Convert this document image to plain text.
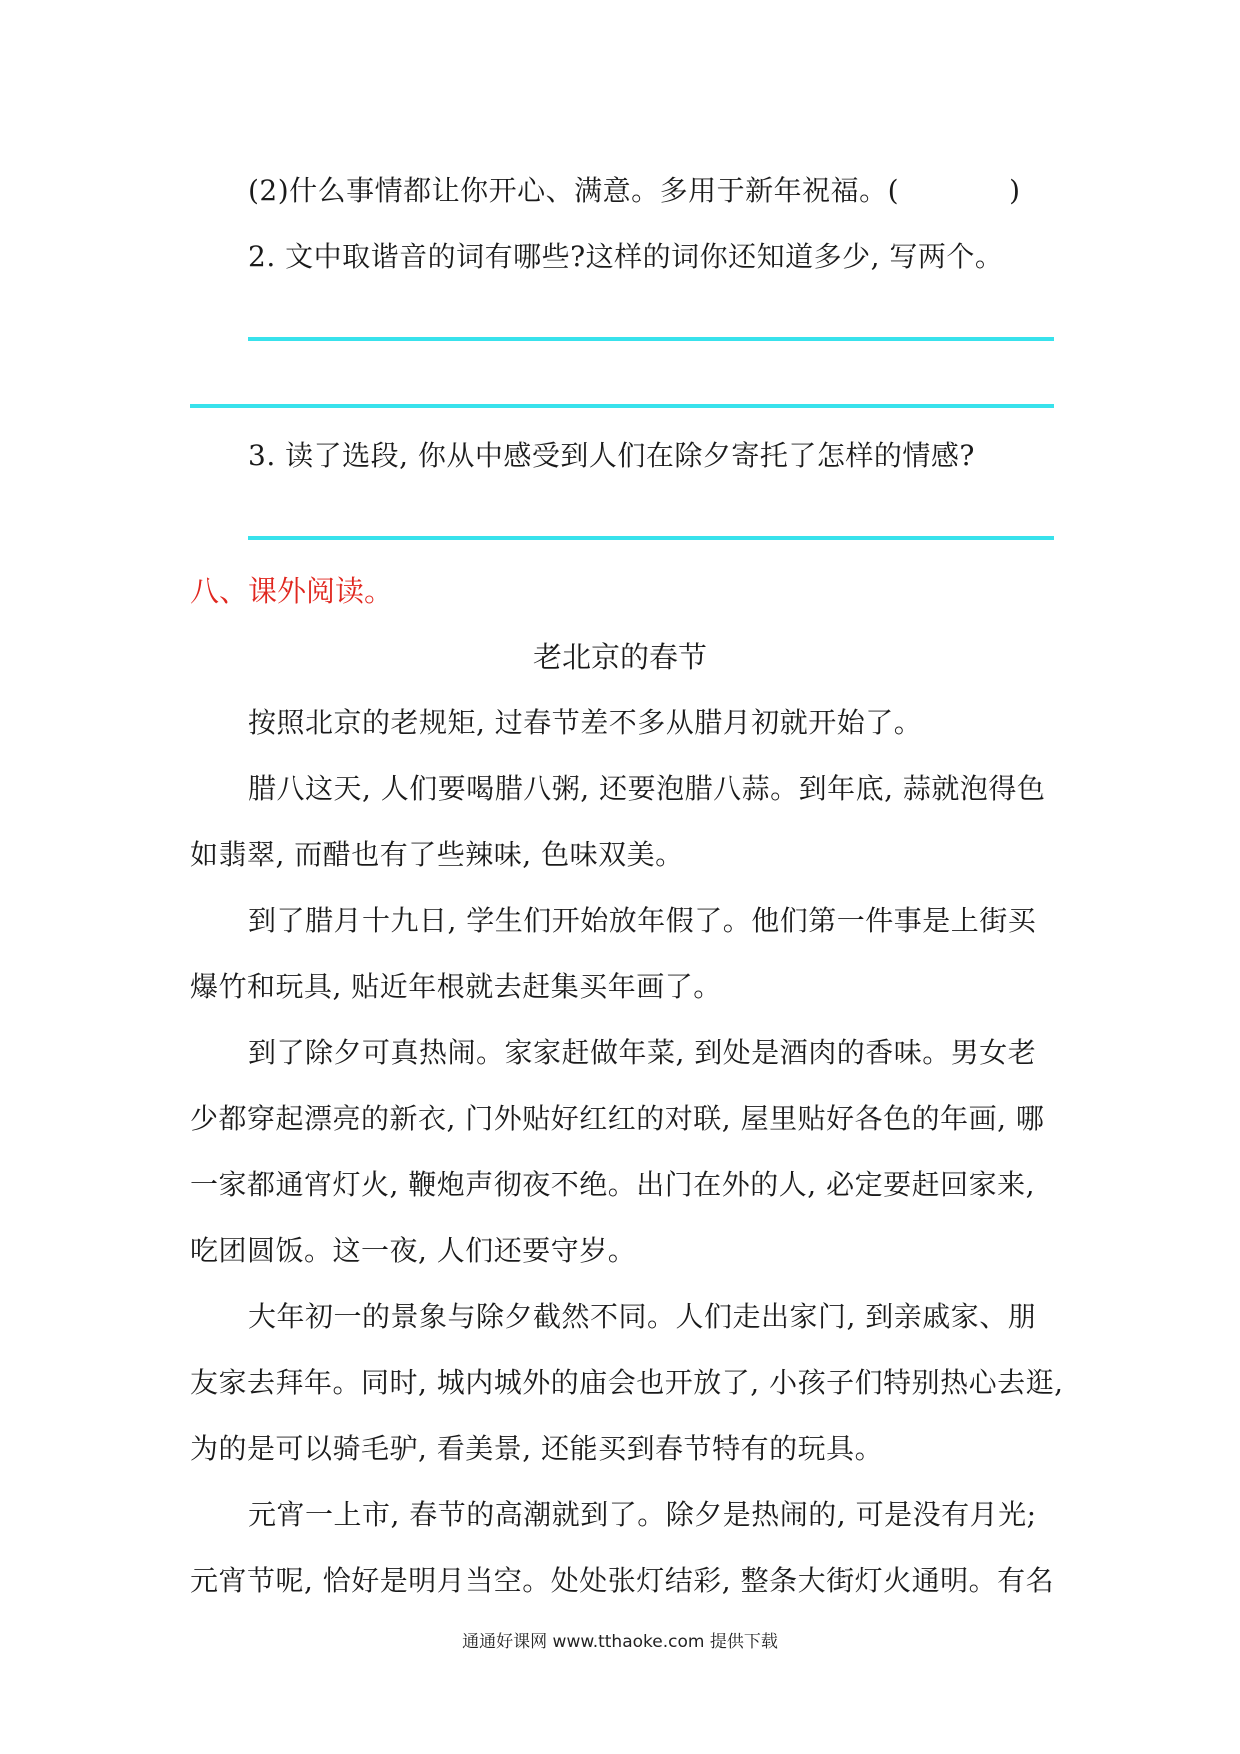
(2)什么事情都让你开心、满意。多用于新年祝福。(	)
2. 文中取谐音的词有哪些?这样的词你还知道多少, 写两个。
3. 读了选段, 你从中感受到人们在除夕寄托了怎样的情感?
八、课外阅读。
老北京的春节
按照北京的老规矩, 过春节差不多从腊月初就开始了。
腊八这天, 人们要喝腊八粥, 还要泡腊八蒜。到年底, 蒜就泡得色
如翡翠, 而醋也有了些辣味, 色味双美。
到了腊月十九日, 学生们开始放年假了。他们第一件事是上街买
爆竹和玩具, 贴近年根就去赶集买年画了。
到了除夕可真热闹。家家赶做年菜, 到处是酒肉的香味。男女老
少都穿起漂亮的新衣, 门外贴好红红的对联, 屋里贴好各色的年画, 哪
一家都通宵灯火, 鞭炮声彻夜不绝。出门在外的人, 必定要赶回家来,
吃团圆饭。这一夜, 人们还要守岁。
大年初一的景象与除夕截然不同。人们走出家门, 到亲戚家、朋
友家去拜年。同时, 城内城外的庙会也开放了, 小孩子们特别热心去逛,
为的是可以骑毛驴, 看美景, 还能买到春节特有的玩具。
元宵一上市, 春节的高潮就到了。除夕是热闹的, 可是没有月光;
元宵节呢, 恰好是明月当空。处处张灯结彩, 整条大街灯火通明。有名
通通好课网 www.tthaoke.com 提供下载
